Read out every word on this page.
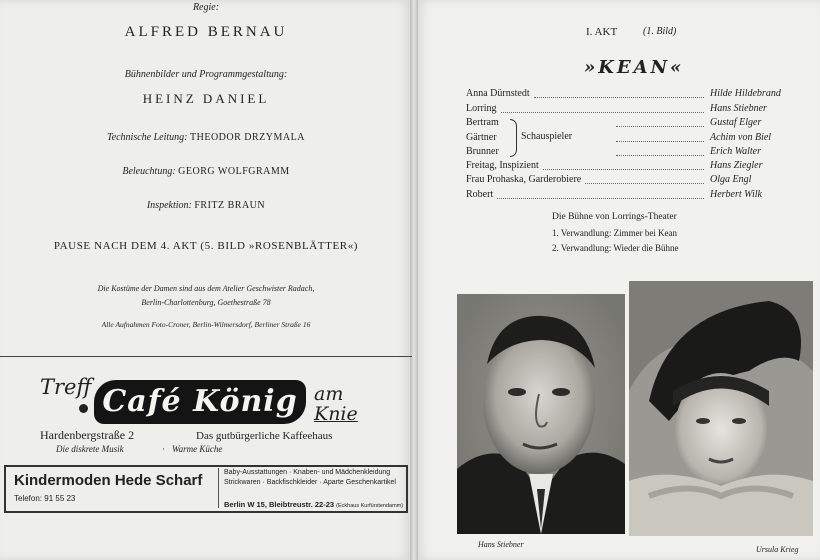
Regie:
ALFRED BERNAU
Bühnenbilder und Programmgestaltung:
HEINZ DANIEL
Technische Leitung: THEODOR DRZYMALA
Beleuchtung: GEORG WOLFGRAMM
Inspektion: FRITZ BRAUN
PAUSE NACH DEM 4. AKT (5. BILD »ROSENBLÄTTER«)
Die Kostüme der Damen sind aus dem Atelier Geschwister Radach,
Berlin-Charlottenburg, Goethestraße 78
Alle Aufnahmen Foto-Croner, Berlin-Wilmersdorf, Berliner Straße 16
Treff Café König am
Knie
Hardenbergstraße 2	Das gutbürgerliche Kaffeehaus
Die diskrete Musik	· Warme Küche
Kindermoden Hede Scharf
Telefon: 91 55 23
Baby-Ausstattungen · Knaben- und Mädchenkleidung
Strickwaren · Backfischkleider · Aparte Geschenkartikel
Berlin W 15, Bleibtreustr. 22-23 (Eckhaus Kurfürstendamm)
I. AKT	(1. Bild)
»KEAN«
Anna Dürnstedt	Hilde Hildebrand
Lorring	Hans Stiebner
Bertram	Gustaf Elger
Gärtner	Achim von Biel
Brunner	Erich Walter
Freitag, Inspizient	Hans Ziegler
Frau Prohaska, Garderobiere	Olga Engl
Robert	Herbert Wilk
Schauspieler
Die Bühne von Lorrings-Theater
1. Verwandlung: Zimmer bei Kean
2. Verwandlung: Wieder die Bühne
Hans Stiebner
Ursula Krieg
